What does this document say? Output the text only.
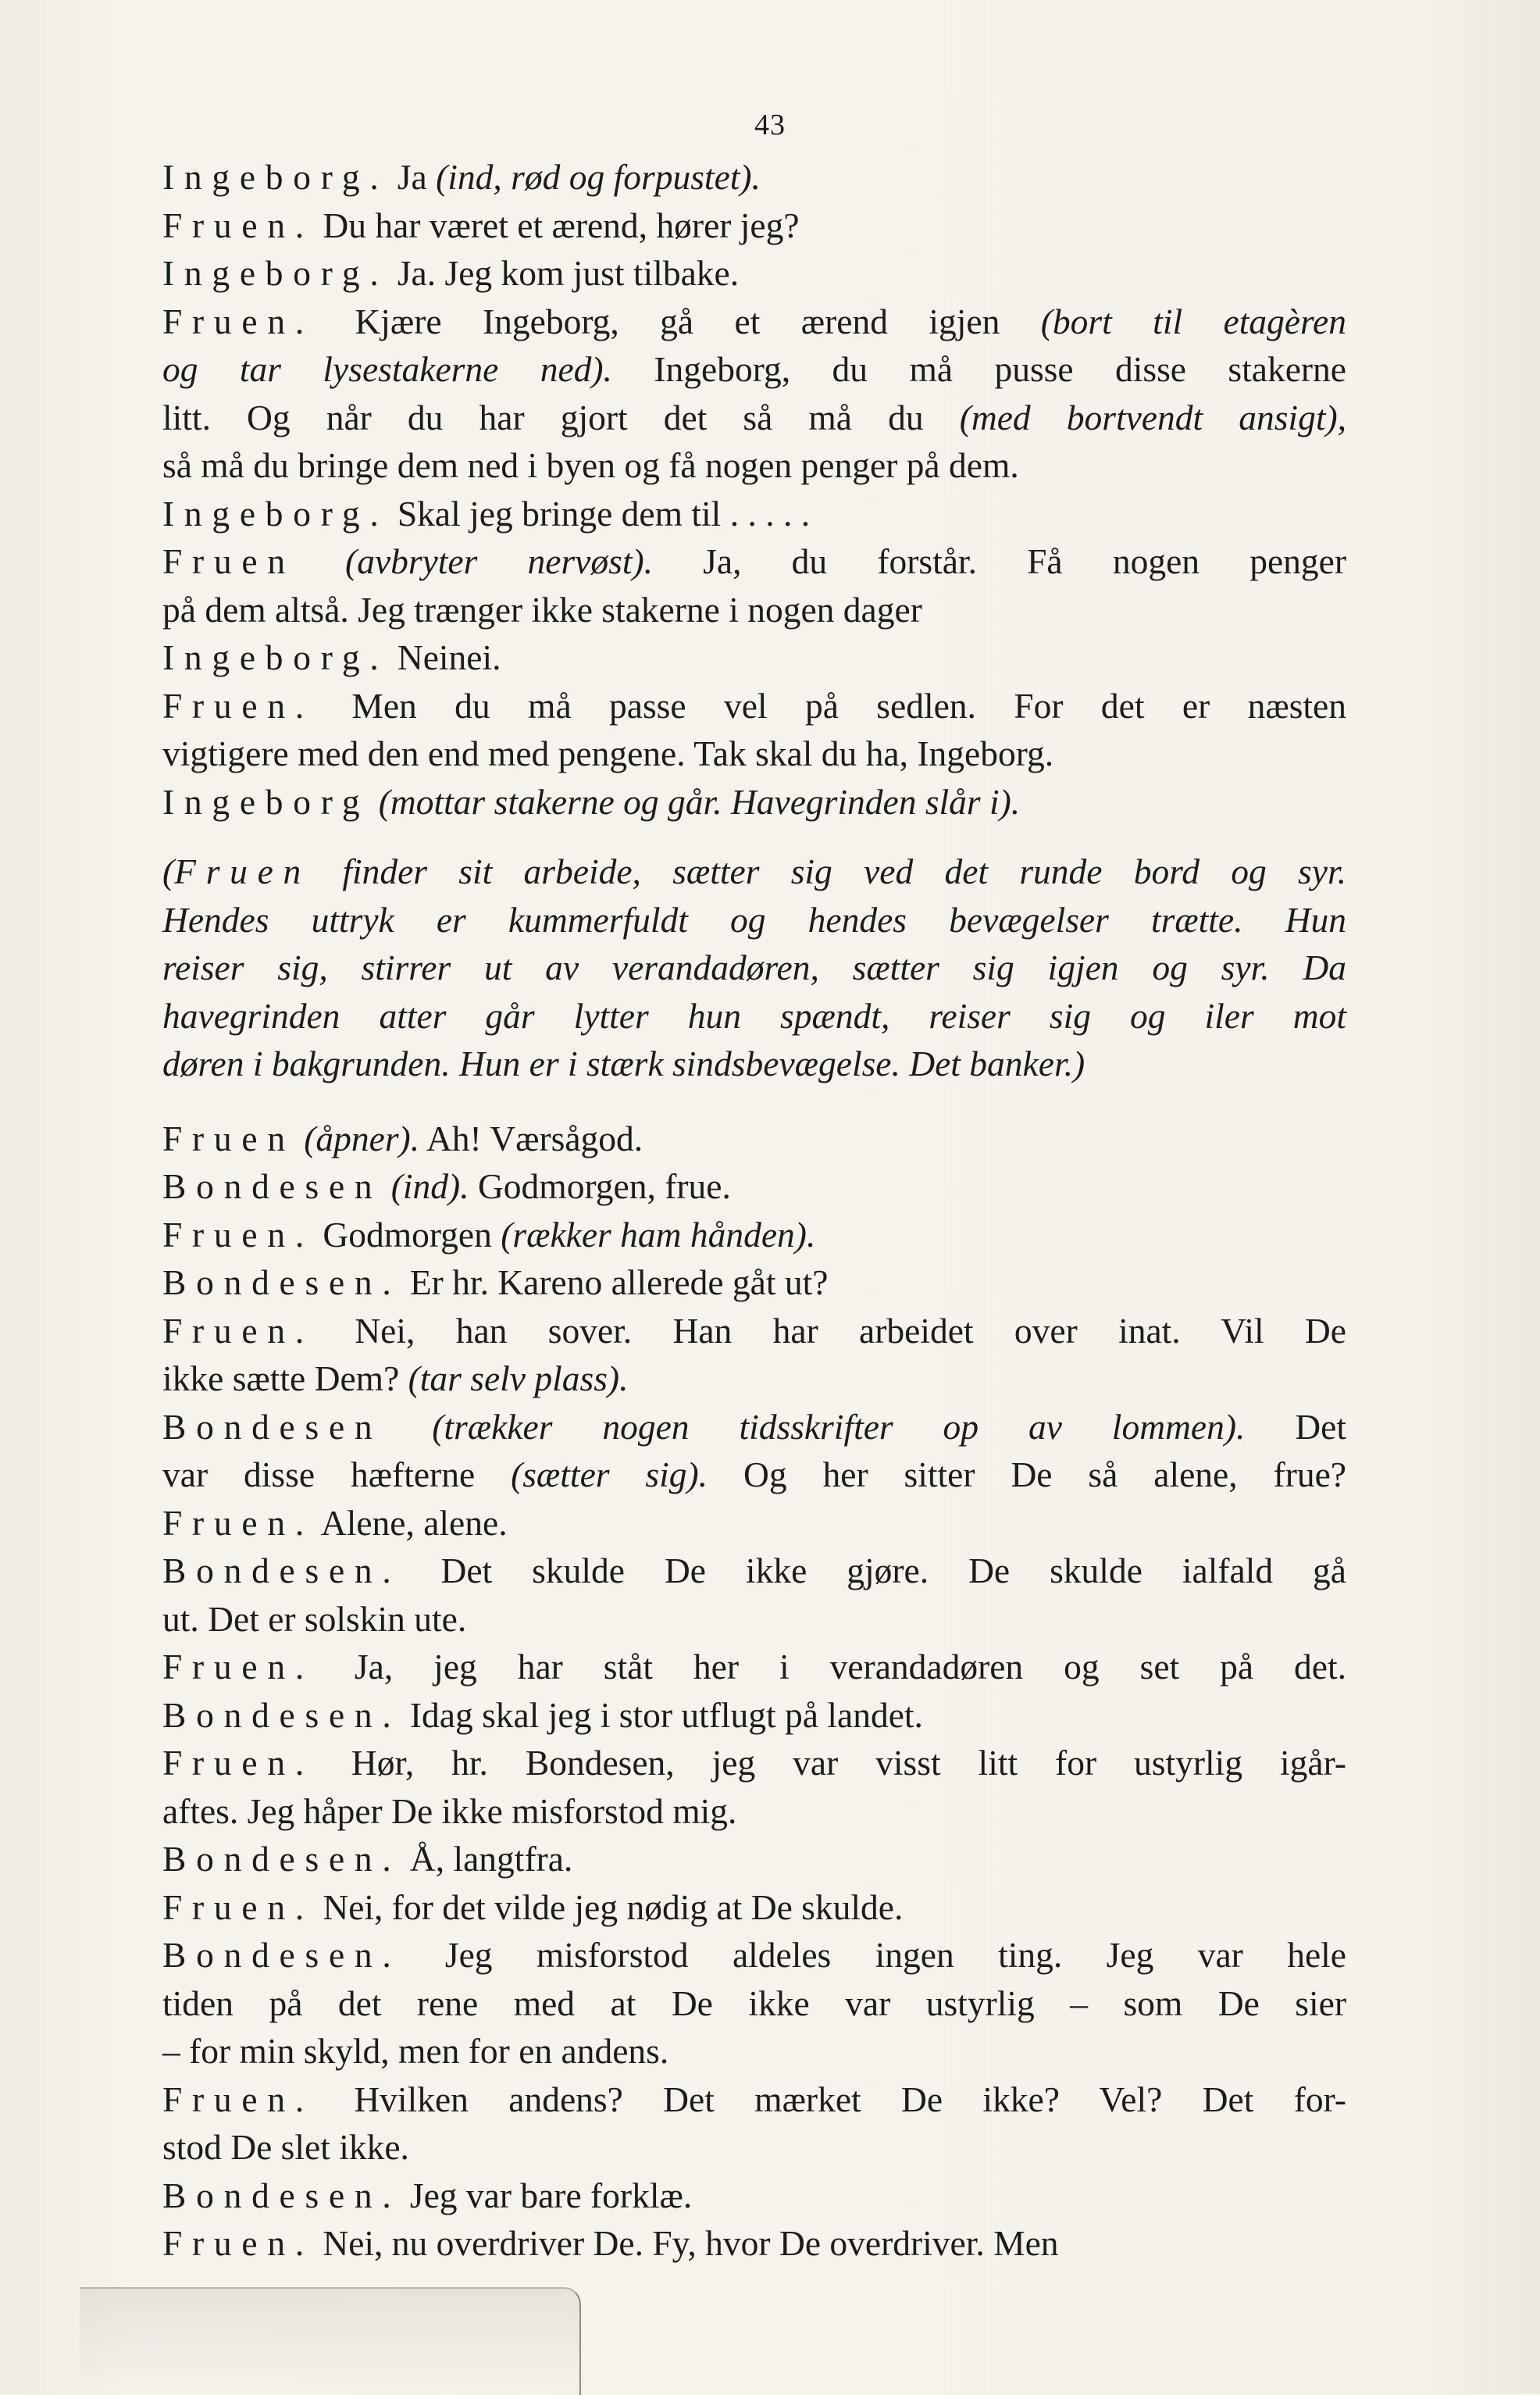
43
Ingeborg. Ja (ind, rød og forpustet).
Fruen. Du har været et ærend, hører jeg?
Ingeborg. Ja. Jeg kom just tilbake.
Fruen. Kjære Ingeborg, gå et ærend igjen (bort til etagèren
og tar lysestakerne ned). Ingeborg, du må pusse disse stakerne
litt. Og når du har gjort det så må du (med bortvendt ansigt),
så må du bringe dem ned i byen og få nogen penger på dem.
Ingeborg. Skal jeg bringe dem til . . . . .
Fruen (avbryter nervøst). Ja, du forstår. Få nogen penger
på dem altså. Jeg trænger ikke stakerne i nogen dager
Ingeborg. Neinei.
Fruen. Men du må passe vel på sedlen. For det er næsten
vigtigere med den end med pengene. Tak skal du ha, Ingeborg.
Ingeborg (mottar stakerne og går. Havegrinden slår i).
(Fruen finder sit arbeide, sætter sig ved det runde bord og syr.
Hendes uttryk er kummerfuldt og hendes bevægelser trætte. Hun
reiser sig, stirrer ut av verandadøren, sætter sig igjen og syr. Da
havegrinden atter går lytter hun spændt, reiser sig og iler mot
døren i bakgrunden. Hun er i stærk sindsbevægelse. Det banker.)
Fruen (åpner). Ah! Værsågod.
Bondesen (ind). Godmorgen, frue.
Fruen. Godmorgen (rækker ham hånden).
Bondesen. Er hr. Kareno allerede gåt ut?
Fruen. Nei, han sover. Han har arbeidet over inat. Vil De
ikke sætte Dem? (tar selv plass).
Bondesen (trækker nogen tidsskrifter op av lommen). Det
var disse hæfterne (sætter sig). Og her sitter De så alene, frue?
Fruen. Alene, alene.
Bondesen. Det skulde De ikke gjøre. De skulde ialfald gå
ut. Det er solskin ute.
Fruen. Ja, jeg har ståt her i verandadøren og set på det.
Bondesen. Idag skal jeg i stor utflugt på landet.
Fruen. Hør, hr. Bondesen, jeg var visst litt for ustyrlig igår-
aftes. Jeg håper De ikke misforstod mig.
Bondesen. Å, langtfra.
Fruen. Nei, for det vilde jeg nødig at De skulde.
Bondesen. Jeg misforstod aldeles ingen ting. Jeg var hele
tiden på det rene med at De ikke var ustyrlig – som De sier
– for min skyld, men for en andens.
Fruen. Hvilken andens? Det mærket De ikke? Vel? Det for-
stod De slet ikke.
Bondesen. Jeg var bare forklæ.
Fruen. Nei, nu overdriver De. Fy, hvor De overdriver. Men
